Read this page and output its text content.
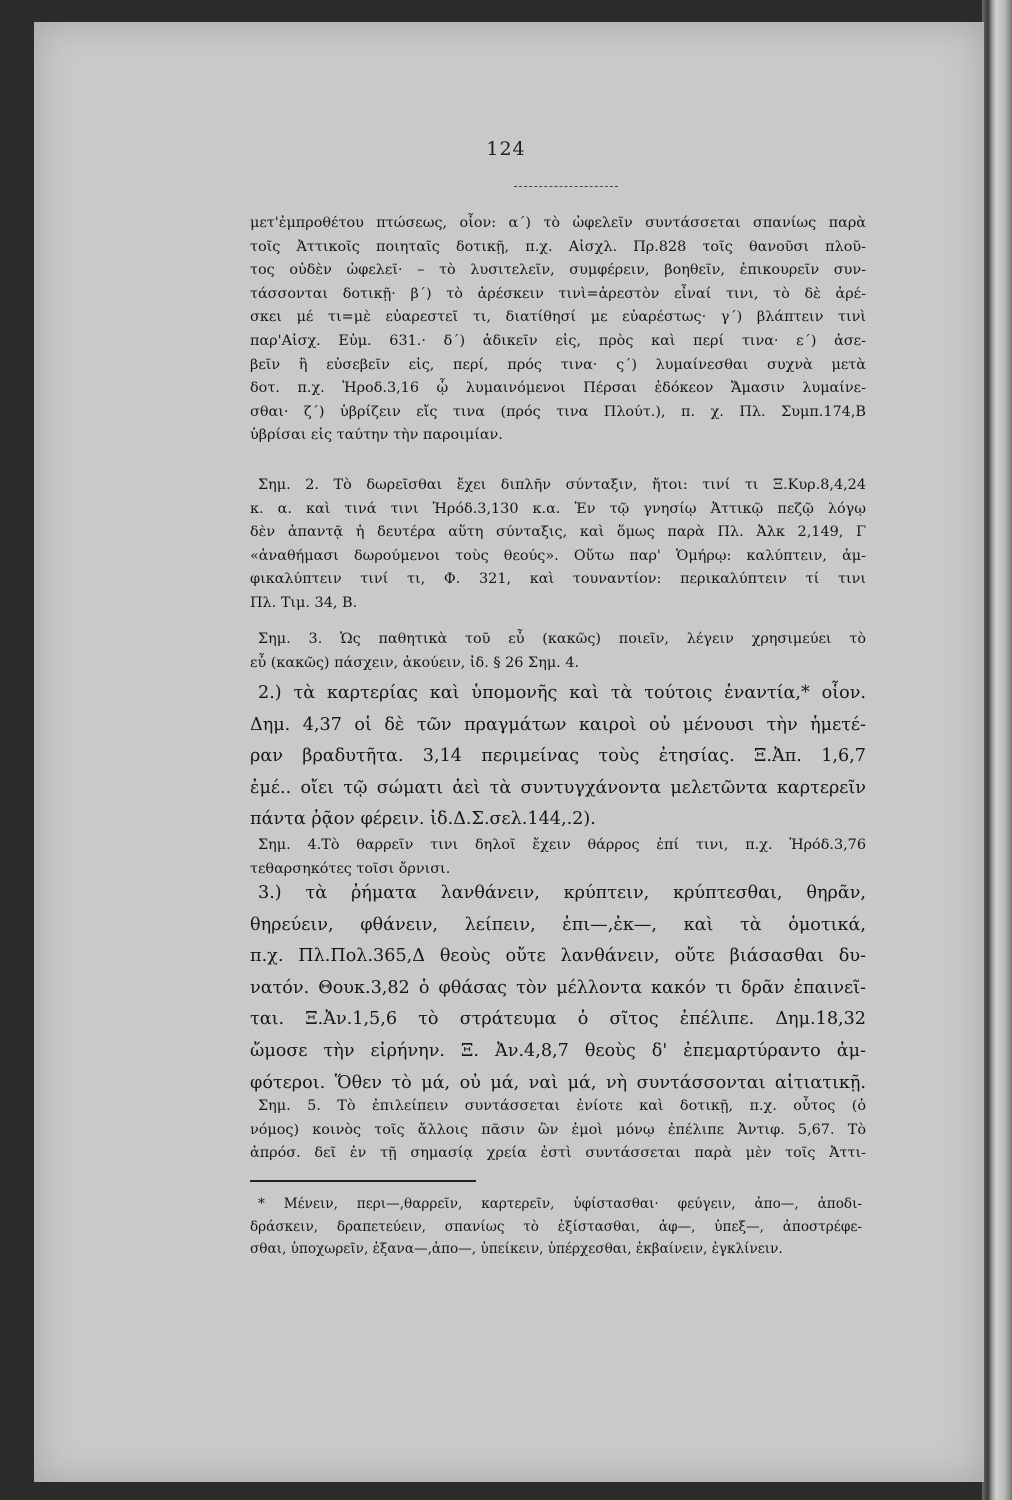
124
μετ'ἐμπροθέτου πτώσεως, οἷον: α΄) τὸ ὠφελεῖν συντάσσεται σπανίως παρὰ
τοῖς Ἀττικοῖς ποιηταῖς δοτικῇ, π.χ. Αἰσχλ. Πρ.828 τοῖς θανοῦσι πλοῦ-
τος οὐδὲν ὠφελεῖ· – τὸ λυσιτελεῖν, συμφέρειν, βοηθεῖν, ἐπικουρεῖν συν-
τάσσονται δοτικῇ· β΄) τὸ ἀρέσκειν τινὶ=ἀρεστὸν εἶναί τινι, τὸ δὲ ἀρέ-
σκει μέ τι=μὲ εὐαρεστεῖ τι, διατίθησί με εὐαρέστως· γ΄) βλάπτειν τινὶ
παρ'Αἰσχ. Εὐμ. 631.· δ΄) ἀδικεῖν εἰς, πρὸς καὶ περί τινα· ε΄) ἀσε-
βεῖν ἢ εὐσεβεῖν εἰς, περί, πρός τινα· ς΄) λυμαίνεσθαι συχνὰ μετὰ
δοτ. π.χ. Ἡροδ.3,16 ᾧ λυμαινόμενοι Πέρσαι ἐδόκεον Ἄμασιν λυμαίνε-
σθαι· ζ΄) ὑβρίζειν εἴς τινα (πρός τινα Πλούτ.), π. χ. Πλ. Συμπ.174,Β
ὑβρίσαι εἰς ταύτην τὴν παροιμίαν.
Σημ. 2. Τὸ δωρεῖσθαι ἔχει διπλῆν σύνταξιν, ἤτοι: τινί τι Ξ.Κυρ.8,4,24
κ. α. καὶ τινά τινι Ἡρόδ.3,130 κ.α. Ἐν τῷ γνησίῳ Ἀττικῷ πεζῷ λόγῳ
δὲν ἀπαντᾷ ἡ δευτέρα αὕτη σύνταξις, καὶ ὅμως παρὰ Πλ. Ἀλκ 2,149, Γ
«ἀναθήμασι δωρούμενοι τοὺς θεούς». Οὕτω παρ' Ὁμήρῳ: καλύπτειν, ἀμ-
φικαλύπτειν τινί τι, Φ. 321, καὶ τουναντίον: περικαλύπτειν τί τινι
Πλ. Τιμ. 34, Β.
Σημ. 3. Ὡς παθητικὰ τοῦ εὖ (κακῶς) ποιεῖν, λέγειν χρησιμεύει τὸ
εὖ (κακῶς) πάσχειν, ἀκούειν, ἰδ. § 26 Σημ. 4.
2.) τὰ καρτερίας καὶ ὑπομονῆς καὶ τὰ τούτοις ἐναντία,* οἷον.
Δημ. 4,37 οἱ δὲ τῶν πραγμάτων καιροὶ οὐ μένουσι τὴν ἡμετέ-
ραν βραδυτῆτα. 3,14 περιμείνας τοὺς ἐτησίας. Ξ.Ἀπ. 1,6,7
ἐμέ.. οἴει τῷ σώματι ἀεὶ τὰ συντυγχάνοντα μελετῶντα καρτερεῖν
πάντα ῥᾷον φέρειν. ἰδ.Δ.Σ.σελ.144,.2).
Σημ. 4.Τὸ θαρρεῖν τινι δηλοῖ ἔχειν θάρρος ἐπί τινι, π.χ. Ἡρόδ.3,76
τεθαρσηκότες τοῖσι ὄρνισι.
3.) τὰ ῥήματα λανθάνειν, κρύπτειν, κρύπτεσθαι, θηρᾶν,
θηρεύειν, φθάνειν, λείπειν, ἐπι—,ἐκ—, καὶ τὰ ὁμοτικά,
π.χ. Πλ.Πολ.365,Δ θεοὺς οὔτε λανθάνειν, οὔτε βιάσασθαι δυ-
νατόν. Θουκ.3,82 ὁ φθάσας τὸν μέλλοντα κακόν τι δρᾶν ἐπαινεῖ-
ται. Ξ.Ἀν.1,5,6 τὸ στράτευμα ὁ σῖτος ἐπέλιπε. Δημ.18,32
ὤμοσε τὴν εἰρήνην. Ξ. Ἀν.4,8,7 θεοὺς δ' ἐπεμαρτύραντο ἀμ-
φότεροι. Ὅθεν τὸ μά, οὐ μά, ναὶ μά, νὴ συντάσσονται αἰτιατικῇ.
Σημ. 5. Τὸ ἐπιλείπειν συντάσσεται ἐνίοτε καὶ δοτικῇ, π.χ. οὗτος (ὁ
νόμος) κοινὸς τοῖς ἄλλοις πᾶσιν ὢν ἐμοὶ μόνῳ ἐπέλιπε Ἀντιφ. 5,67. Τὸ
ἀπρόσ. δεῖ ἐν τῇ σημασίᾳ χρεία ἐστὶ συντάσσεται παρὰ μὲν τοῖς Ἀττι-
* Μένειν, περι—,θαρρεῖν, καρτερεῖν, ὑφίστασθαι· φεύγειν, ἀπο—, ἀποδι-
δράσκειν, δραπετεύειν, σπανίως τὸ ἐξίστασθαι, ἀφ—, ὑπεξ—, ἀποστρέφε-
σθαι, ὑποχωρεῖν, ἐξανα—,ἀπο—, ὑπείκειν, ὑπέρχεσθαι, ἐκβαίνειν, ἐγκλίνειν.
